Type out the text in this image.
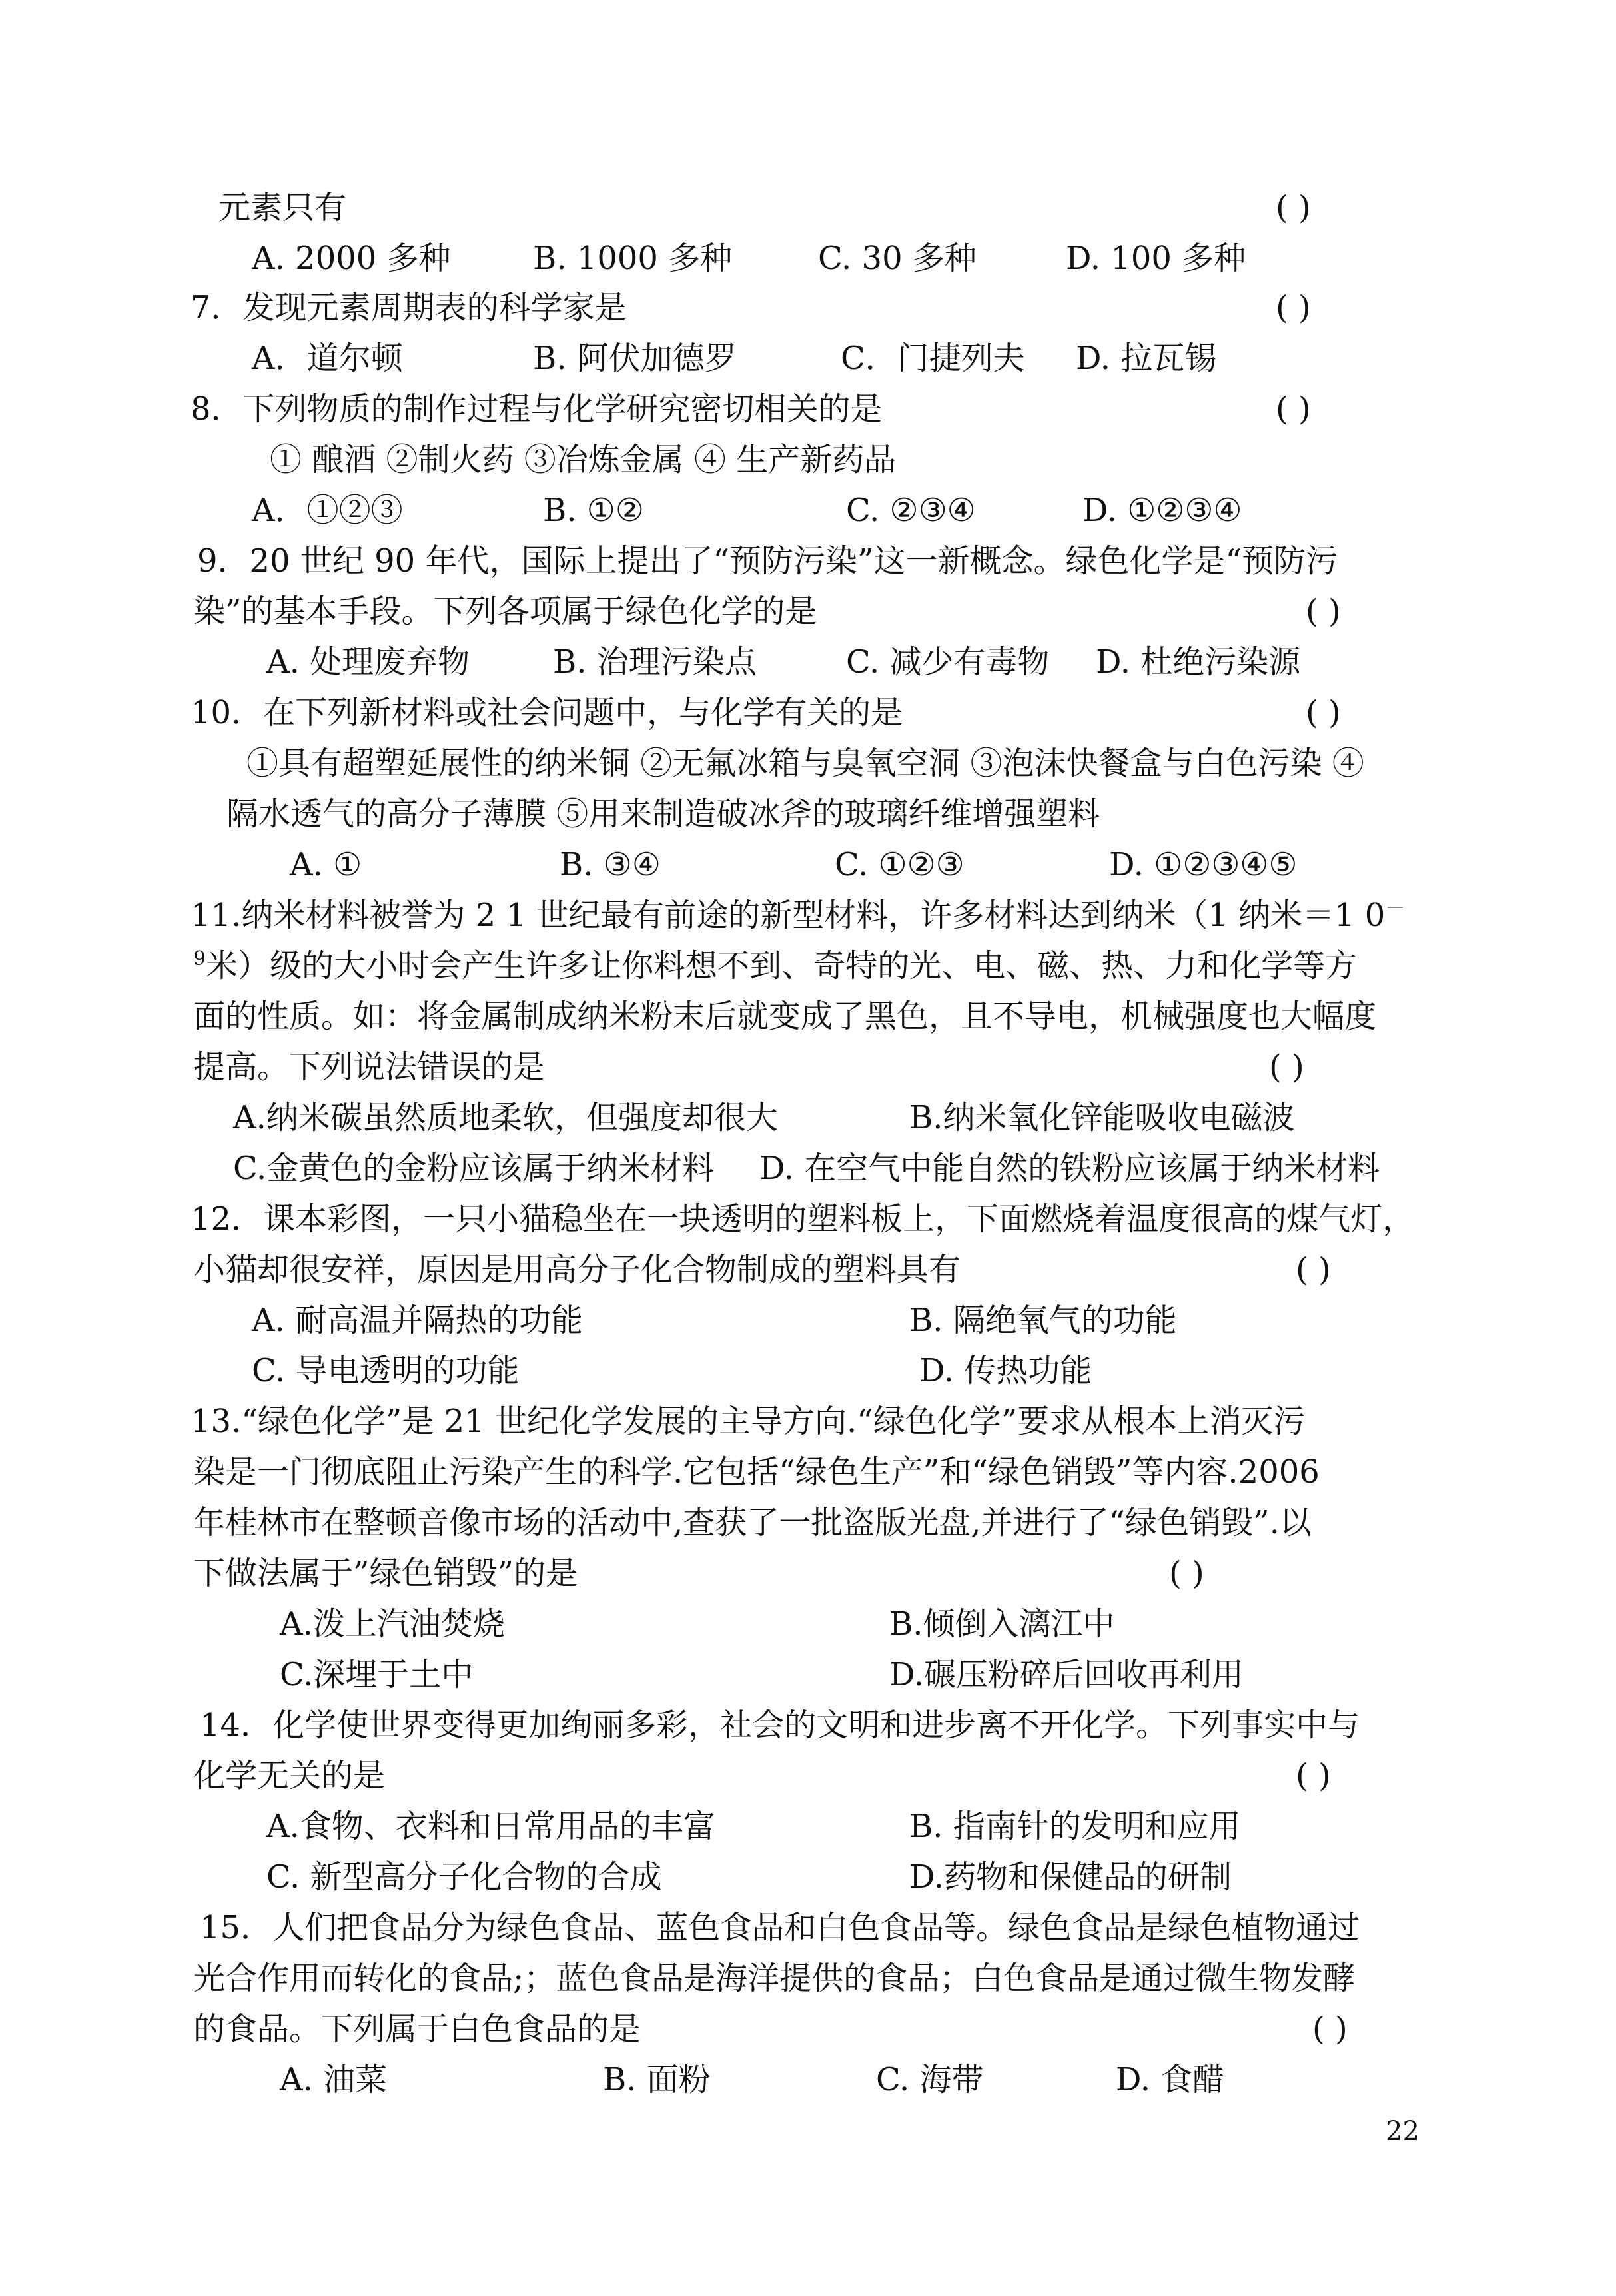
元素只有	( )
A. 2000 多种	B. 1000 多种	C. 30 多种	D. 100 多种
7．发现元素周期表的科学家是	( )
A．道尔顿	B. 阿伏加德罗	C．门捷列夫 D. 拉瓦锡
8．下列物质的制作过程与化学研究密切相关的是	( )
① 酿酒 ②制火药 ③冶炼金属 ④ 生产新药品
A．①②③	B. ①②	C. ②③④	D. ①②③④
9．20 世纪 90 年代，国际上提出了“预防污染”这一新概念。绿色化学是“预防污
染”的基本手段。下列各项属于绿色化学的是	( )
A. 处理废弃物	B. 治理污染点	C. 减少有毒物 D. 杜绝污染源
10．在下列新材料或社会问题中，与化学有关的是	( )
①具有超塑延展性的纳米铜 ②无氟冰箱与臭氧空洞 ③泡沫快餐盒与白色污染 ④
隔水透气的高分子薄膜 ⑤用来制造破冰斧的玻璃纤维增强塑料
A. ①	B. ③④	C. ①②③	D. ①②③④⑤
11.纳米材料被誉为 2 1 世纪最有前途的新型材料，许多材料达到纳米（1 纳米＝1 0－
$^9$米）级的大小时会产生许多让你料想不到、奇特的光、电、磁、热、力和化学等方
面的性质。如：将金属制成纳米粉末后就变成了黑色，且不导电，机械强度也大幅度
提高。下列说法错误的是	( )
A.纳米碳虽然质地柔软，但强度却很大	B.纳米氧化锌能吸收电磁波
C.金黄色的金粉应该属于纳米材料 D. 在空气中能自然的铁粉应该属于纳米材料
12．课本彩图，一只小猫稳坐在一块透明的塑料板上，下面燃烧着温度很高的煤气灯，
小猫却很安祥，原因是用高分子化合物制成的塑料具有	( )
A. 耐高温并隔热的功能	B. 隔绝氧气的功能
C. 导电透明的功能	D. 传热功能
13.“绿色化学”是 21 世纪化学发展的主导方向.“绿色化学”要求从根本上消灭污
染是一门彻底阻止污染产生的科学.它包括“绿色生产”和“绿色销毁”等内容.2006
年桂林市在整顿音像市场的活动中,查获了一批盗版光盘,并进行了“绿色销毁”.以
下做法属于”绿色销毁”的是	( )
A.泼上汽油焚烧	B.倾倒入漓江中
C.深埋于土中	D.碾压粉碎后回收再利用
14．化学使世界变得更加绚丽多彩，社会的文明和进步离不开化学。下列事实中与
化学无关的是	( )
A.食物、衣料和日常用品的丰富	B. 指南针的发明和应用
C. 新型高分子化合物的合成	D.药物和保健品的研制
15．人们把食品分为绿色食品、蓝色食品和白色食品等。绿色食品是绿色植物通过
光合作用而转化的食品;；蓝色食品是海洋提供的食品；白色食品是通过微生物发酵
的食品。下列属于白色食品的是	( )
A. 油菜	B. 面粉	C. 海带	D. 食醋
22
